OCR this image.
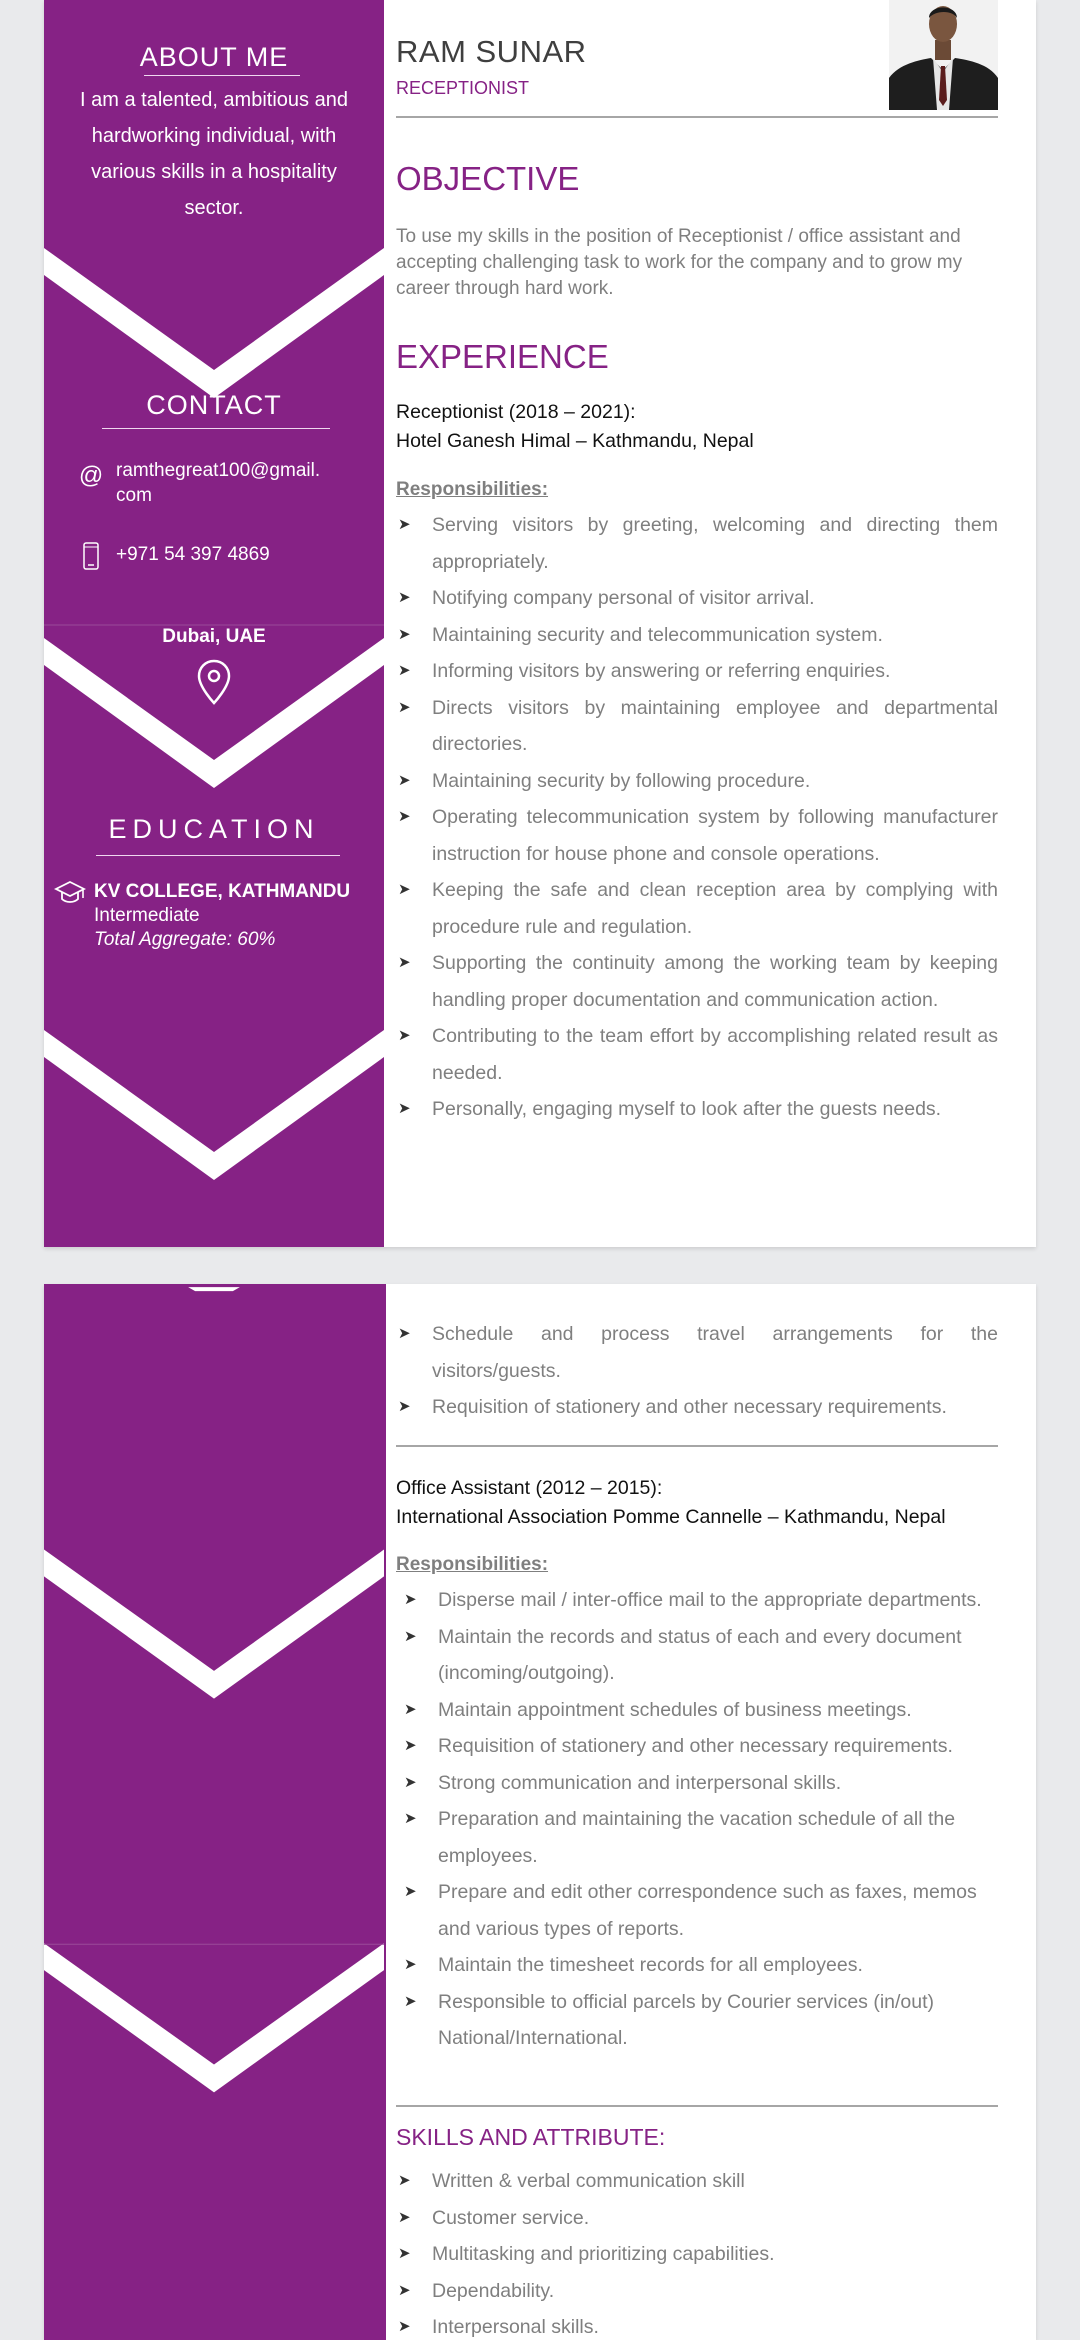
ABOUT ME
I am a talented, ambitious and hardworking individual, with various skills in a hospitality sector.
CONTACT
@ ramthegreat100@gmail.
com
+971 54 397 4869
Dubai, UAE
EDUCATION
KV COLLEGE, KATHMANDU
Intermediate
Total Aggregate: 60%
RAM SUNAR
RECEPTIONIST
OBJECTIVE
To use my skills in the position of Receptionist / office assistant and accepting challenging task to work for the company and to grow my career through hard work.
EXPERIENCE
Receptionist (2018 – 2021):
Hotel Ganesh Himal – Kathmandu, Nepal
Responsibilities:
➤ Serving visitors by greeting, welcoming and directing them appropriately.
➤ Notifying company personal of visitor arrival.
➤ Maintaining security and telecommunication system.
➤ Informing visitors by answering or referring enquiries.
➤ Directs visitors by maintaining employee and departmental directories.
➤ Maintaining security by following procedure.
➤ Operating telecommunication system by following manufacturer instruction for house phone and console operations.
➤ Keeping the safe and clean reception area by complying with procedure rule and regulation.
➤ Supporting the continuity among the working team by keeping handling proper documentation and communication action.
➤ Contributing to the team effort by accomplishing related result as needed.
➤ Personally, engaging myself to look after the guests needs.
➤ Schedule and process travel arrangements for the visitors/guests.
➤ Requisition of stationery and other necessary requirements.
Office Assistant (2012 – 2015):
International Association Pomme Cannelle – Kathmandu, Nepal
Responsibilities:
➤ Disperse mail / inter-office mail to the appropriate departments.
➤ Maintain the records and status of each and every document (incoming/outgoing).
➤ Maintain appointment schedules of business meetings.
➤ Requisition of stationery and other necessary requirements.
➤ Strong communication and interpersonal skills.
➤ Preparation and maintaining the vacation schedule of all the employees.
➤ Prepare and edit other correspondence such as faxes, memos and various types of reports.
➤ Maintain the timesheet records for all employees.
➤ Responsible to official parcels by Courier services (in/out) National/International.
SKILLS AND ATTRIBUTE:
➤ Written & verbal communication skill
➤ Customer service.
➤ Multitasking and prioritizing capabilities.
➤ Dependability.
➤ Interpersonal skills.
